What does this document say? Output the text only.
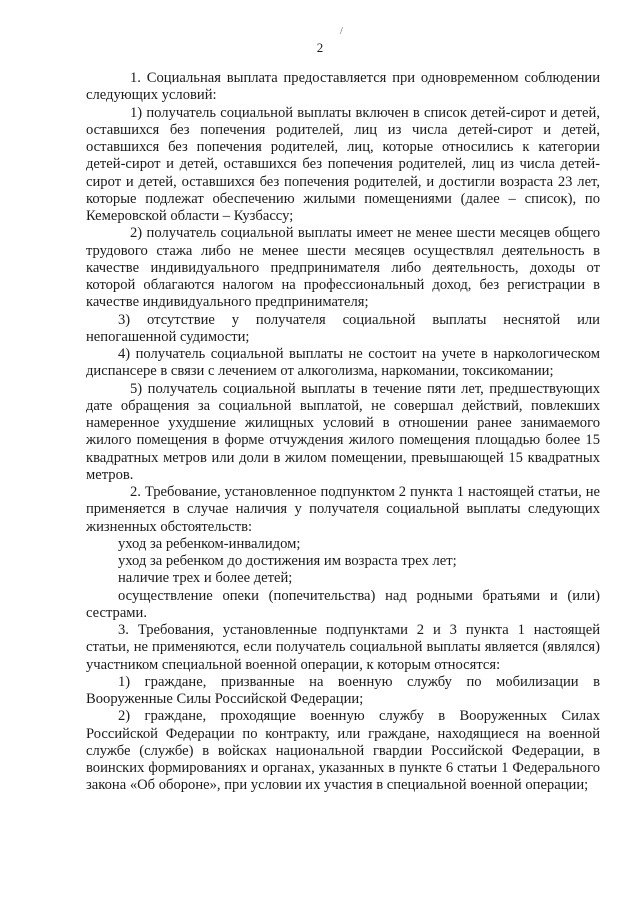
/
2

1. Социальная выплата предоставляется при одновременном соблюдении следующих условий:

1) получатель социальной выплаты включен в список детей-сирот и детей, оставшихся без попечения родителей, лиц из числа детей-сирот и детей, оставшихся без попечения родителей, лиц, которые относились к категории детей-сирот и детей, оставшихся без попечения родителей, лиц из числа детей-сирот и детей, оставшихся без попечения родителей, и достигли возраста 23 лет, которые подлежат обеспечению жилыми помещениями (далее – список), по Кемеровской области – Кузбассу;

2) получатель социальной выплаты имеет не менее шести месяцев общего трудового стажа либо не менее шести месяцев осуществлял деятельность в качестве индивидуального предпринимателя либо деятельность, доходы от которой облагаются налогом на профессиональный доход, без регистрации в качестве индивидуального предпринимателя;

3) отсутствие у получателя социальной выплаты неснятой или непогашенной судимости;

4) получатель социальной выплаты не состоит на учете в наркологическом диспансере в связи с лечением от алкоголизма, наркомании, токсикомании;

5) получатель социальной выплаты в течение пяти лет, предшествующих дате обращения за социальной выплатой, не совершал действий, повлекших намеренное ухудшение жилищных условий в отношении ранее занимаемого жилого помещения в форме отчуждения жилого помещения площадью более 15 квадратных метров или доли в жилом помещении, превышающей 15 квадратных метров.

2. Требование, установленное подпунктом 2 пункта 1 настоящей статьи, не применяется в случае наличия у получателя социальной выплаты следующих жизненных обстоятельств:

уход за ребенком-инвалидом;

уход за ребенком до достижения им возраста трех лет;

наличие трех и более детей;

осуществление опеки (попечительства) над родными братьями и (или) сестрами.

3. Требования, установленные подпунктами 2 и 3 пункта 1 настоящей статьи, не применяются, если получатель социальной выплаты является (являлся) участником специальной военной операции, к которым относятся:

1) граждане, призванные на военную службу по мобилизации в Вооруженные Силы Российской Федерации;

2) граждане, проходящие военную службу в Вооруженных Силах Российской Федерации по контракту, или граждане, находящиеся на военной службе (службе) в войсках национальной гвардии Российской Федерации, в воинских формированиях и органах, указанных в пункте 6 статьи 1 Федерального закона «Об обороне», при условии их участия в специальной военной операции;
